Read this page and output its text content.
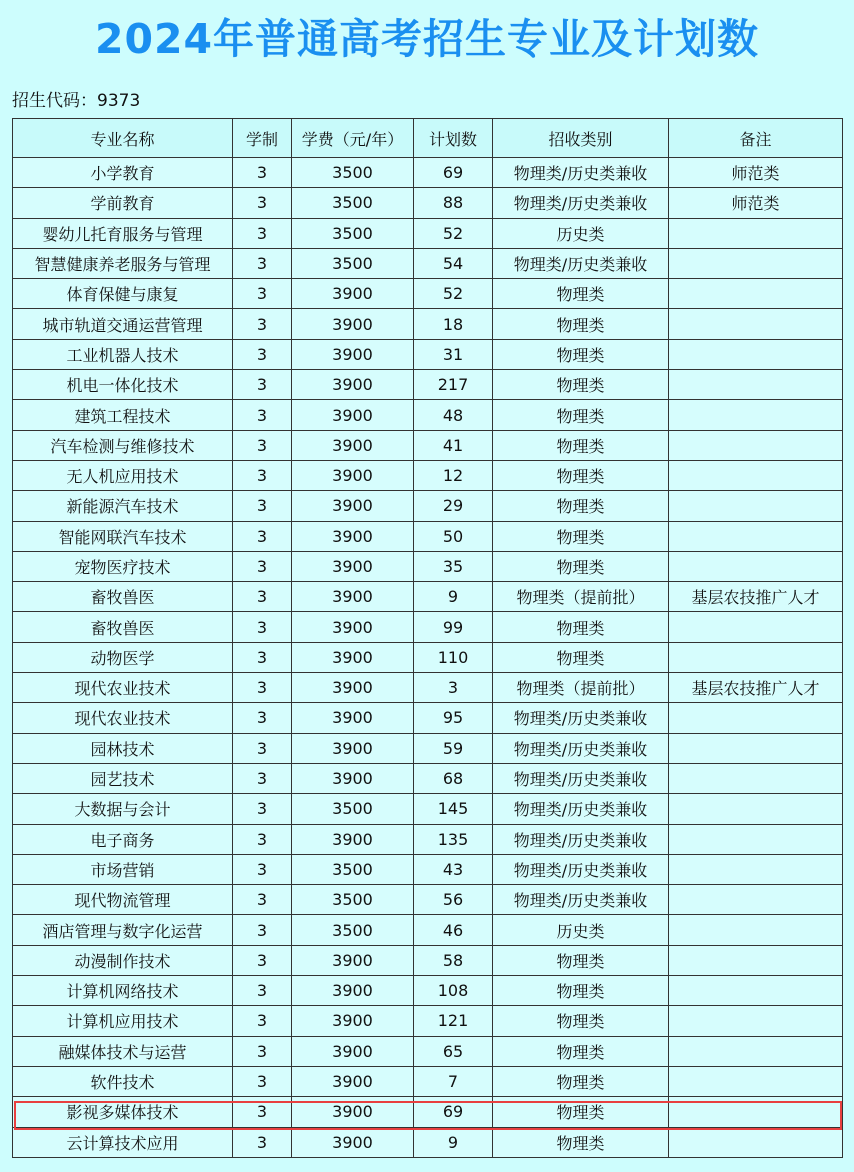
2024年普通高考招生专业及计划数
招生代码：9373
专业名称	学制	学费（元/年）	计划数	招收类别	备注
小学教育	3	3500	69	物理类/历史类兼收	师范类
学前教育	3	3500	88	物理类/历史类兼收	师范类
婴幼儿托育服务与管理	3	3500	52	历史类	
智慧健康养老服务与管理	3	3500	54	物理类/历史类兼收	
体育保健与康复	3	3900	52	物理类	
城市轨道交通运营管理	3	3900	18	物理类	
工业机器人技术	3	3900	31	物理类	
机电一体化技术	3	3900	217	物理类	
建筑工程技术	3	3900	48	物理类	
汽车检测与维修技术	3	3900	41	物理类	
无人机应用技术	3	3900	12	物理类	
新能源汽车技术	3	3900	29	物理类	
智能网联汽车技术	3	3900	50	物理类	
宠物医疗技术	3	3900	35	物理类	
畜牧兽医	3	3900	9	物理类（提前批）	基层农技推广人才
畜牧兽医	3	3900	99	物理类	
动物医学	3	3900	110	物理类	
现代农业技术	3	3900	3	物理类（提前批）	基层农技推广人才
现代农业技术	3	3900	95	物理类/历史类兼收	
园林技术	3	3900	59	物理类/历史类兼收	
园艺技术	3	3900	68	物理类/历史类兼收	
大数据与会计	3	3500	145	物理类/历史类兼收	
电子商务	3	3900	135	物理类/历史类兼收	
市场营销	3	3500	43	物理类/历史类兼收	
现代物流管理	3	3500	56	物理类/历史类兼收	
酒店管理与数字化运营	3	3500	46	历史类	
动漫制作技术	3	3900	58	物理类	
计算机网络技术	3	3900	108	物理类	
计算机应用技术	3	3900	121	物理类	
融媒体技术与运营	3	3900	65	物理类	
软件技术	3	3900	7	物理类	
影视多媒体技术	3	3900	69	物理类	
云计算技术应用	3	3900	9	物理类	
